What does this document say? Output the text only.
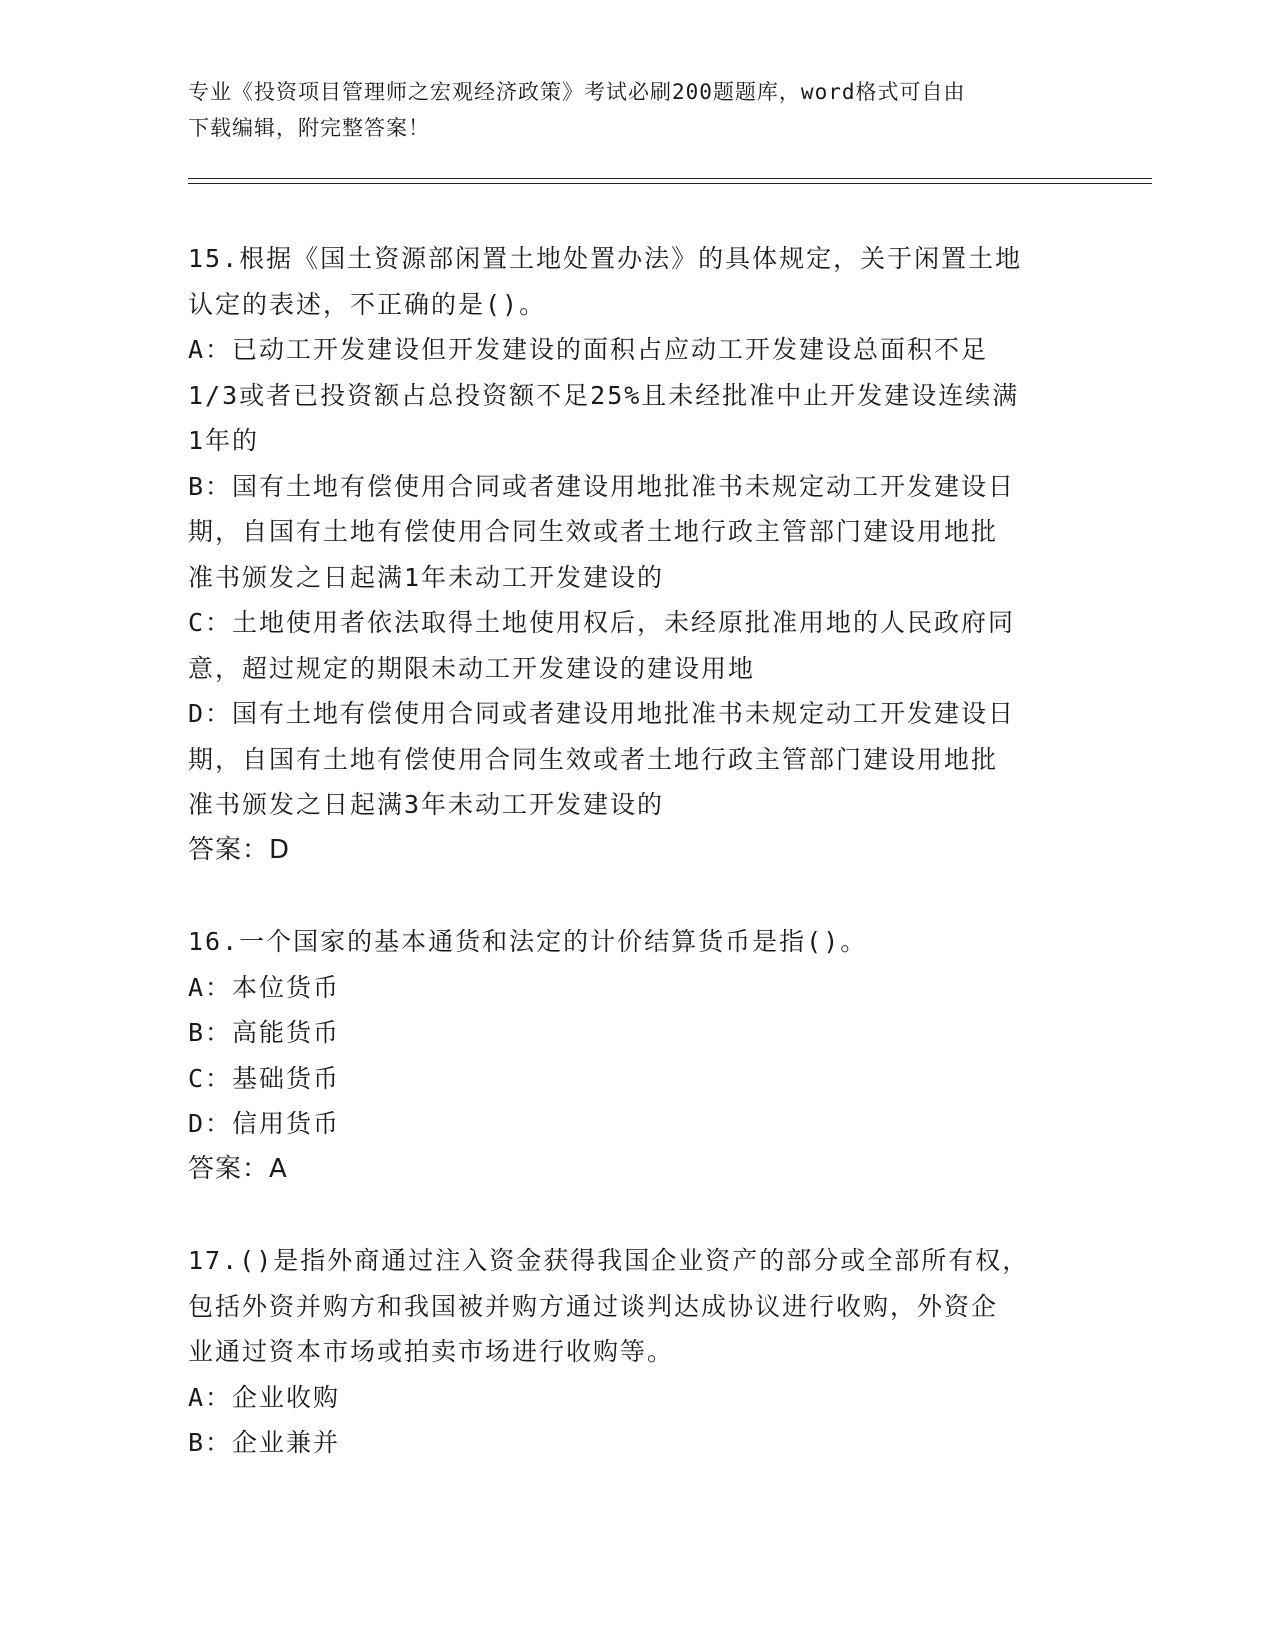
专业《投资项目管理师之宏观经济政策》考试必刷200题题库，word格式可自由
下载编辑，附完整答案！
15.根据《国土资源部闲置土地处置办法》的具体规定，关于闲置土地
认定的表述，不正确的是()。
A：已动工开发建设但开发建设的面积占应动工开发建设总面积不足
1/3或者已投资额占总投资额不足25%且未经批准中止开发建设连续满
1年的
B：国有土地有偿使用合同或者建设用地批准书未规定动工开发建设日
期，自国有土地有偿使用合同生效或者土地行政主管部门建设用地批
准书颁发之日起满1年未动工开发建设的
C：土地使用者依法取得土地使用权后，未经原批准用地的人民政府同
意，超过规定的期限未动工开发建设的建设用地
D：国有土地有偿使用合同或者建设用地批准书未规定动工开发建设日
期，自国有土地有偿使用合同生效或者土地行政主管部门建设用地批
准书颁发之日起满3年未动工开发建设的
答案：D
16.一个国家的基本通货和法定的计价结算货币是指()。
A：本位货币
B：高能货币
C：基础货币
D：信用货币
答案：A
17.()是指外商通过注入资金获得我国企业资产的部分或全部所有权，
包括外资并购方和我国被并购方通过谈判达成协议进行收购，外资企
业通过资本市场或拍卖市场进行收购等。
A：企业收购
B：企业兼并
